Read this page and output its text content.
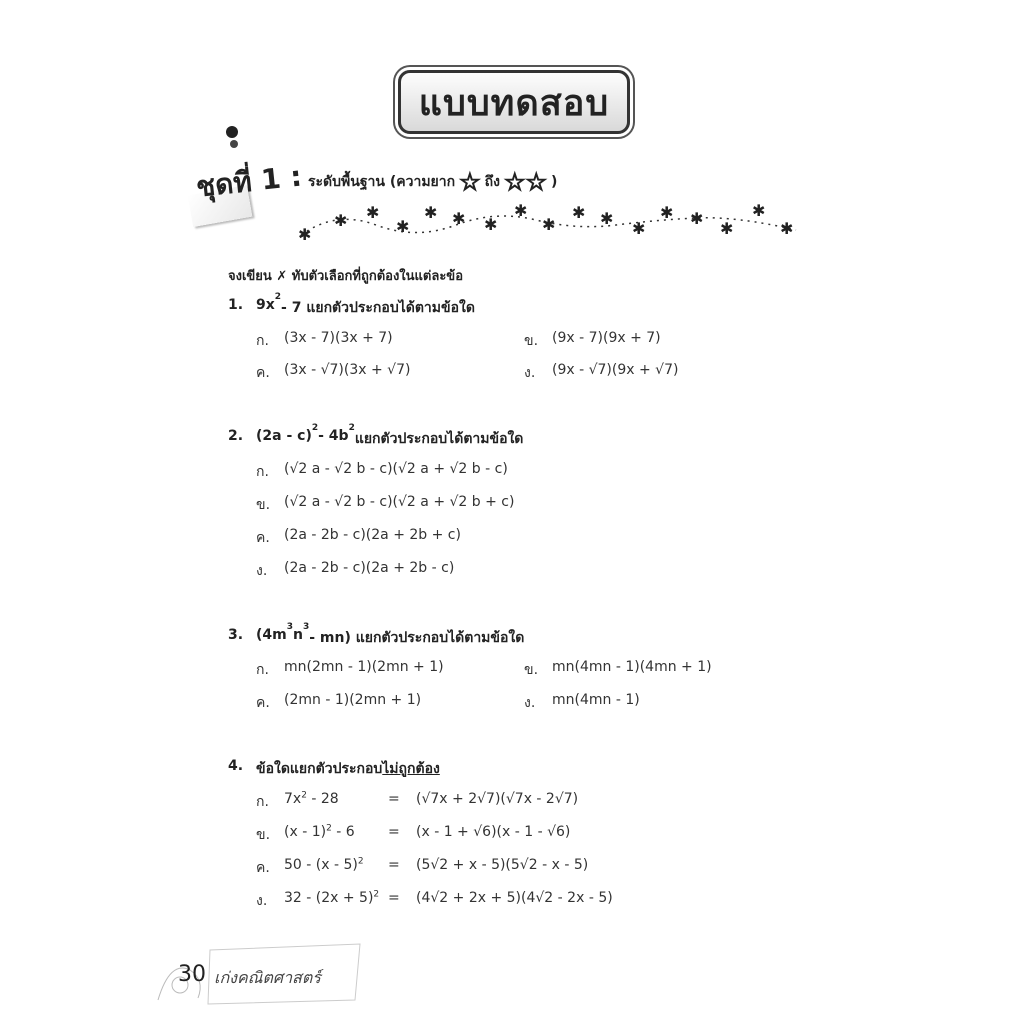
แบบทดสอบ
ชุดที่ 1 : ระดับพื้นฐาน (ความยาก ☆ ถึง ☆☆ )
✱
✱ ✱
✱
✱ ✱ ✱
✱
✱
✱ ✱
✱
✱ ✱
✱
✱
✱
จงเขียน ✗ ทับตัวเลือกที่ถูกต้องในแต่ละข้อ
1. 9x 2
- 7 แยกตัวประกอบได้ตามข้อใด
ก.	(3x - 7)(3x + 7)	ข. (9x - 7)(9x + 7)
ค.	(3x - √7)(3x + √7)	ง.	(9x - √7)(9x + √7)
2. (2a - c) 2 - 4b 2
แยกตัวประกอบได้ตามข้อใด
ก.	(√2 a - √2 b - c)(√2 a + √2 b - c)
ข. (√2 a - √2 b - c)(√2 a + √2 b + c)
ค.	(2a - 2b - c)(2a + 2b + c)
ง.	(2a - 2b - c)(2a + 2b - c)
3. (4m 3 n 3
- mn) แยกตัวประกอบได้ตามข้อใด
ก.	mn(2mn - 1)(2mn + 1)	ข. mn(4mn - 1)(4mn + 1)
ค.	(2mn - 1)(2mn + 1)	ง.	mn(4mn - 1)
4. ข้อใดแยกตัวประกอบ ไม่ถูกต้อง
ก.	$7x^2 - 28$	= (√7x + 2√7)(√7x - 2√7)
ข. (x - 1)$^2$ - 6 = (x - 1 + √6)(x - 1 - √6)
ค.	50 - (x - 5)$^2$ = (5√2 + x - 5)(5√2 - x - 5)
ง.	$32 - (2x + 5)^2 = (4√2 + 2x + 5)(4√2 - 2x - 5)$
30 เก่งคณิตศาสตร์
